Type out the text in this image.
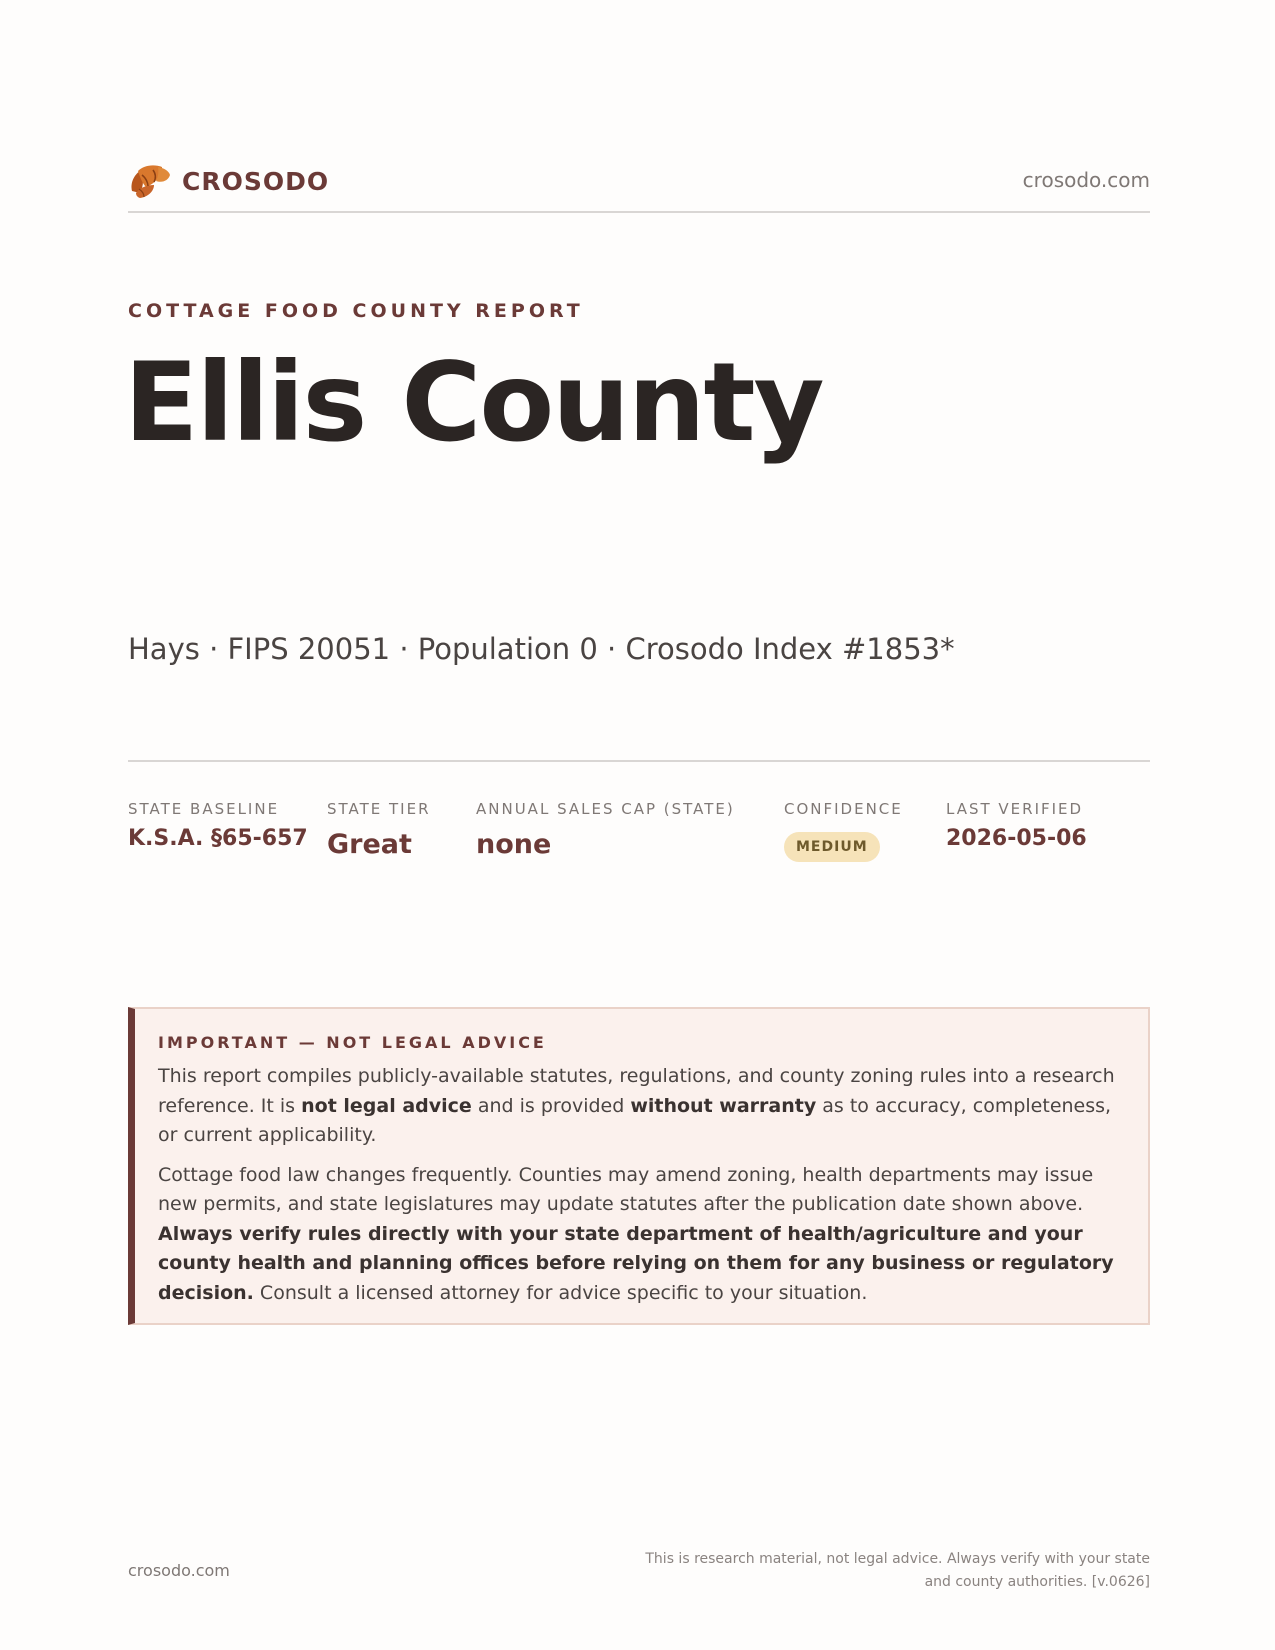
CROSODO	crosodo.com
COTTAGE FOOD COUNTY REPORT
Ellis County
Hays · FIPS 20051 · Population 0 · Crosodo Index #1853*
STATE BASELINE
K.S.A. §65-657
STATE TIER
Great
ANNUAL SALES CAP (STATE)
none
CONFIDENCE
MEDIUM
LAST VERIFIED
2026-05-06
IMPORTANT — NOT LEGAL ADVICE

This report compiles publicly-available statutes, regulations, and county zoning rules into a research reference. It is not legal advice and is provided without warranty as to accuracy, completeness, or current applicability.

Cottage food law changes frequently. Counties may amend zoning, health departments may issue new permits, and state legislatures may update statutes after the publication date shown above. Always verify rules directly with your state department of health/agriculture and your county health and planning offices before relying on them for any business or regulatory decision. Consult a licensed attorney for advice specific to your situation.

crosodo.com
This is research material, not legal advice. Always verify with your state
and county authorities. [v.0626]
